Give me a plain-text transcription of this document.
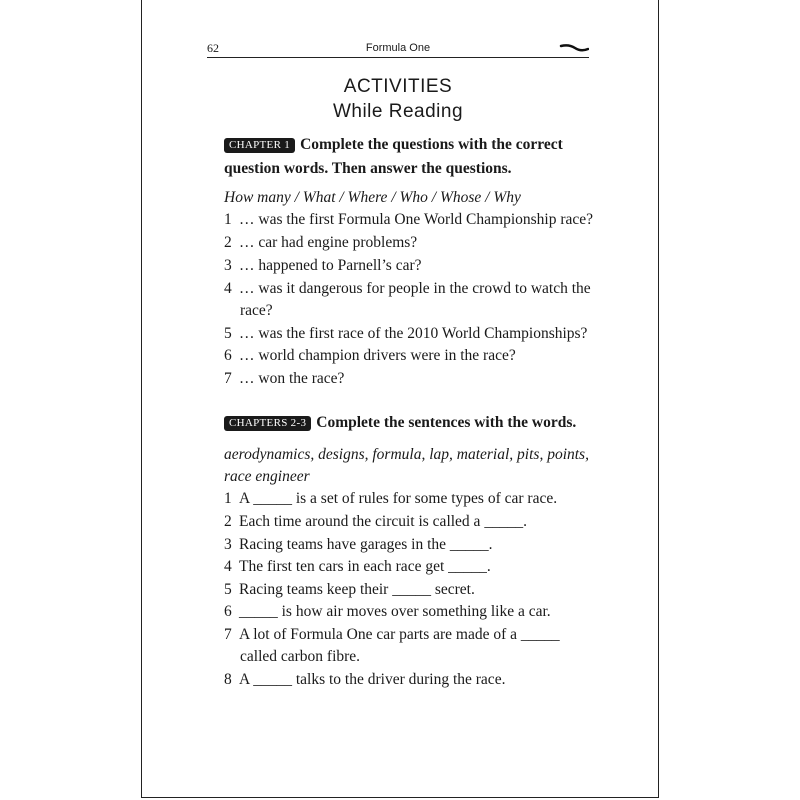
62	Formula One
ACTIVITIES
While Reading
CHAPTER 1 Complete the questions with the correct
question words. Then answer the questions.
How many / What / Where / Who / Whose / Why
1 … was the first Formula One World Championship race?
2 … car had engine problems?
3 … happened to Parnell’s car?
4 … was it dangerous for people in the crowd to watch the
race?
5 … was the first race of the 2010 World Championships?
6 … world champion drivers were in the race?
7 … won the race?
CHAPTERS 2-3 Complete the sentences with the words.
aerodynamics, designs, formula, lap, material, pits, points,
race engineer
1 A _____ is a set of rules for some types of car race.
2 Each time around the circuit is called a _____.
3 Racing teams have garages in the _____.
4 The first ten cars in each race get _____.
5 Racing teams keep their _____ secret.
6 _____ is how air moves over something like a car.
7 A lot of Formula One car parts are made of a _____
called carbon fibre.
8 A _____ talks to the driver during the race.
